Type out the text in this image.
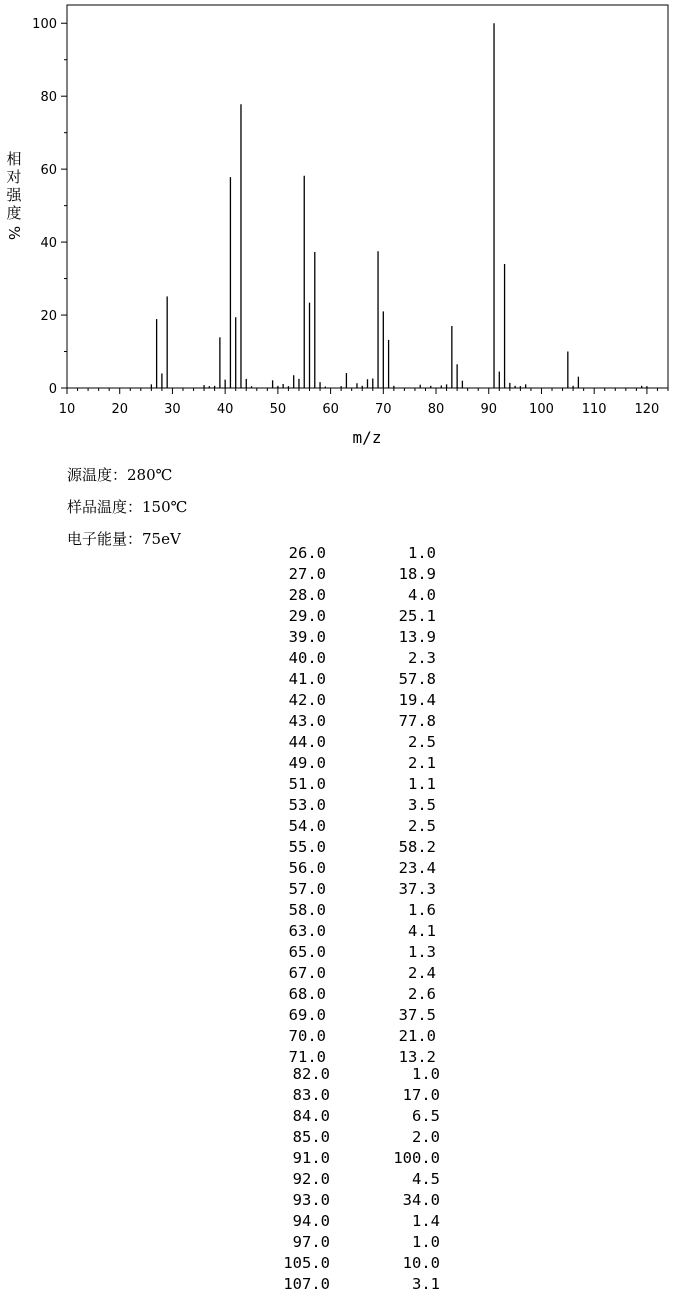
0
20
40
60
80
100
10	20	30	40	50	60	70	80	90 100 110 120
m/z
相
对
强
度
%
源温度：280℃
样品温度：150℃
电子能量：75eV
26.0	1.0
27.0	18.9
28.0	4.0
29.0	25.1
39.0	13.9
40.0	2.3
41.0	57.8
42.0	19.4
43.0	77.8
44.0	2.5
49.0	2.1
51.0	1.1
53.0	3.5
54.0	2.5
55.0	58.2
56.0	23.4
57.0	37.3
58.0	1.6
63.0	4.1
65.0	1.3
67.0	2.4
68.0	2.6
69.0	37.5
70.0	21.0
71.0	13.2
82.0	1.0
83.0	17.0
84.0	6.5
85.0	2.0
91.0	100.0
92.0	4.5
93.0	34.0
94.0	1.4
97.0	1.0
105.0	10.0
107.0	3.1
